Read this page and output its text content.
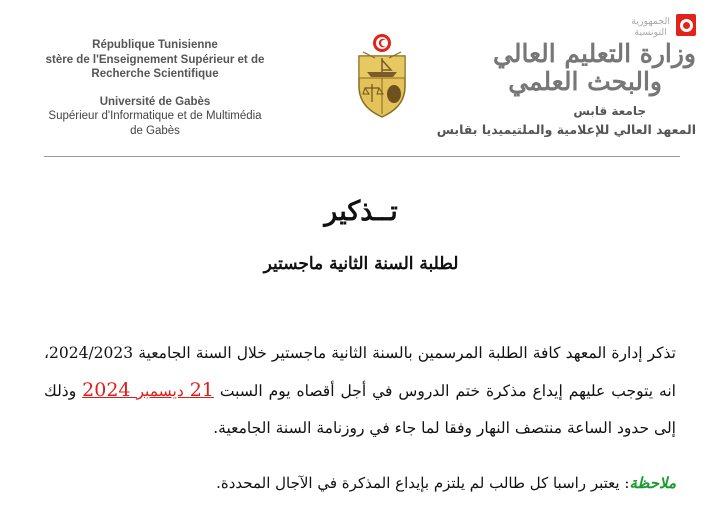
République Tunisienne
stère de l'Enseignement Supérieur et de
Recherche Scientifique
Université de Gabès
Supérieur d'Informatique et de Multimédia
de Gabès
الجمهورية
التونسية
وزارة التعليم العالي
والبحث العلمي
جامعة قابس
المعهد العالي للإعلامية والملتيميديا بقابس
تــذكير
لطلبة السنة الثانية ماجستير
تذكر إدارة المعهد كافة الطلبة المرسمين بالسنة الثانية ماجستير خلال السنة الجامعية 2024/2023، انه يتوجب عليهم إيداع مذكرة ختم الدروس في أجل أقصاه يوم السبت 21 ديسمبر 2024 وذلك إلى حدود الساعة منتصف النهار وفقا لما جاء في روزنامة السنة الجامعية.
ملاحظة: يعتبر راسبا كل طالب لم يلتزم بإيداع المذكرة في الآجال المحددة.
